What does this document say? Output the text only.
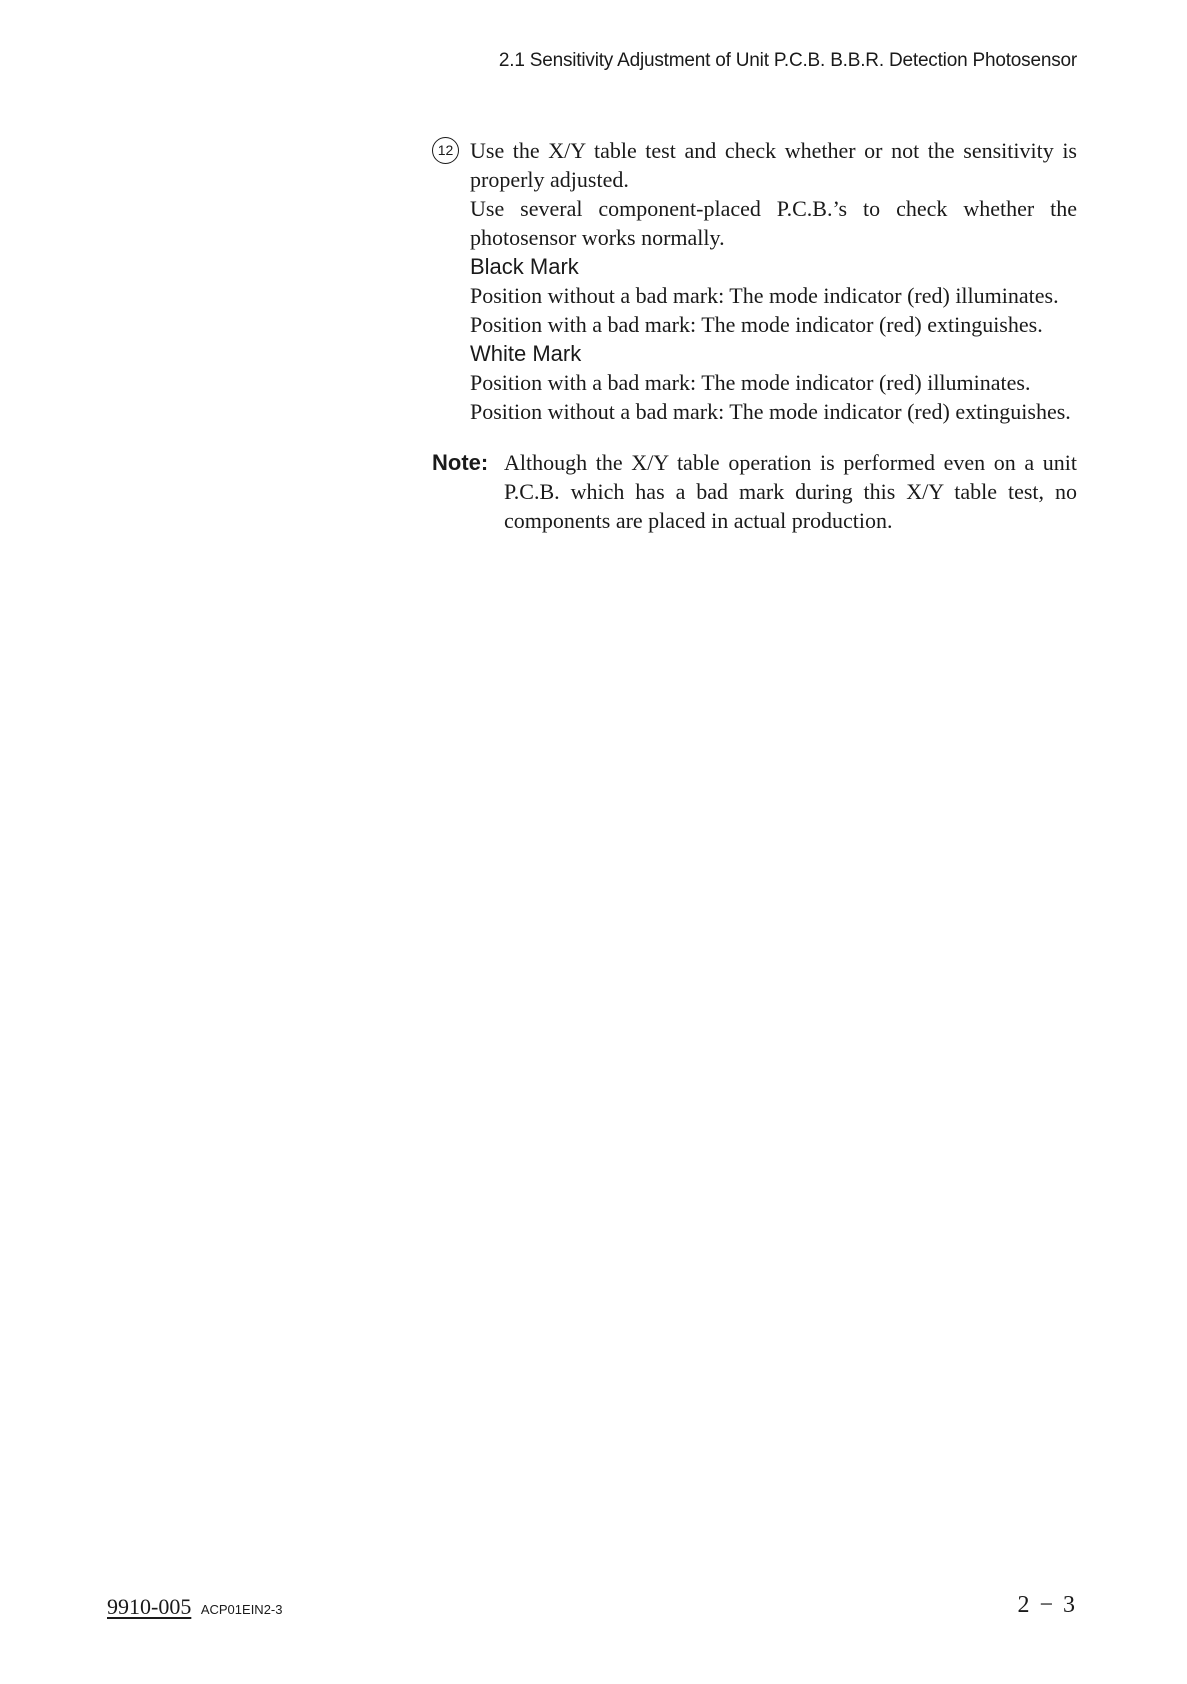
2.1 Sensitivity Adjustment of Unit P.C.B. B.B.R. Detection Photosensor
12 Use the X/Y table test and check whether or not the sensitivity is properly adjusted.

Use several component-placed P.C.B.’s to check whether the photosensor works normally.

Black Mark

Position without a bad mark: The mode indicator (red) illuminates.

Position with a bad mark: The mode indicator (red) extinguishes.

White Mark

Position with a bad mark: The mode indicator (red) illuminates.

Position without a bad mark: The mode indicator (red) extinguishes.

Note: Although the X/Y table operation is performed even on a unit P.C.B. which has a bad mark during this X/Y table test, no components are placed in actual production.
9910-005 ACP01EIN2-3	2 − 3
